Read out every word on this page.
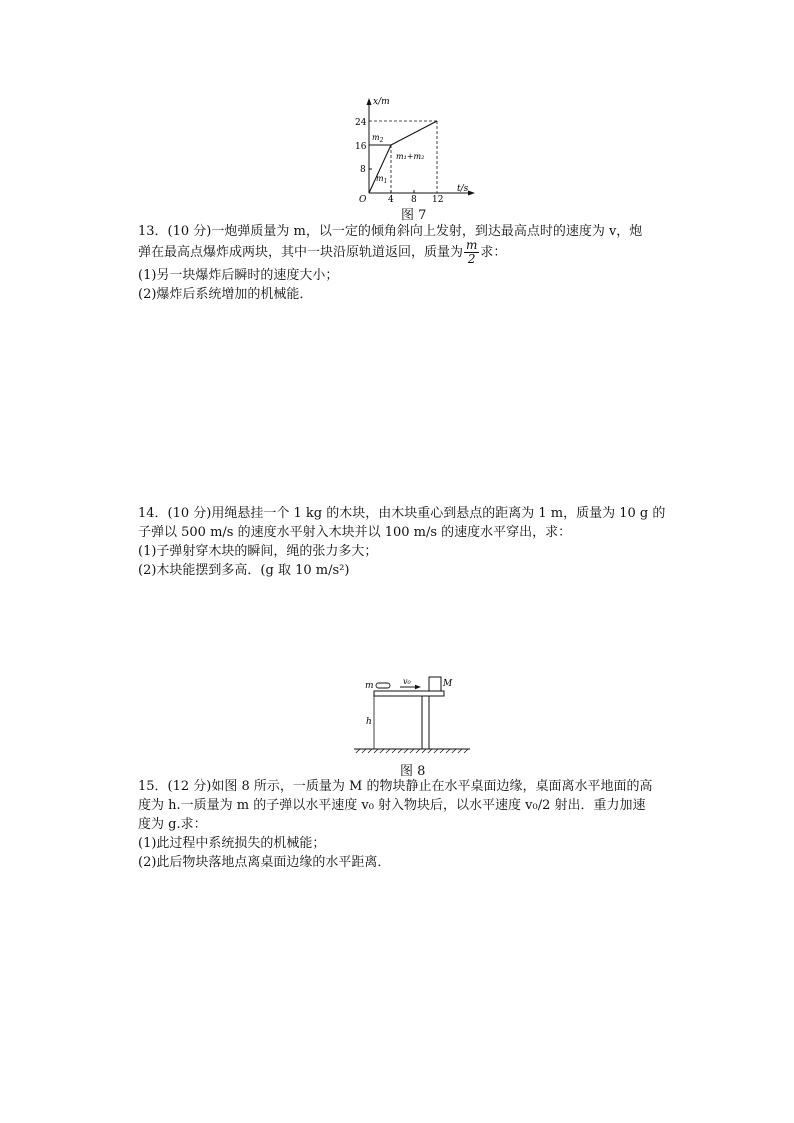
x/m
t/s
O
24
16
8
4 8 12
$m_2$
$m_1$
m₁+m₂
图 7

13．(10 分)一炮弹质量为 m，以一定的倾角斜向上发射，到达最高点时的速度为 v，炮

弹在最高点爆炸成两块，其中一块沿原轨道返回，质量为 $\frac{m}{2}$ 求：

(1)另一块爆炸后瞬时的速度大小；

(2)爆炸后系统增加的机械能．

14．(10 分)用绳悬挂一个 1 kg 的木块，由木块重心到悬点的距离为 1 m，质量为 10 g 的

子弹以 500 m/s 的速度水平射入木块并以 100 m/s 的速度水平穿出，求：

(1)子弹射穿木块的瞬间，绳的张力多大；

(2)木块能摆到多高．(g 取 10 m/s²)

m	v₀	M
h
图 8

15．(12 分)如图 8 所示，一质量为 M 的物块静止在水平桌面边缘，桌面离水平地面的高

度为 h.一质量为 m 的子弹以水平速度 v₀ 射入物块后，以水平速度 v₀/2 射出．重力加速

度为 g.求：

(1)此过程中系统损失的机械能；

(2)此后物块落地点离桌面边缘的水平距离．
